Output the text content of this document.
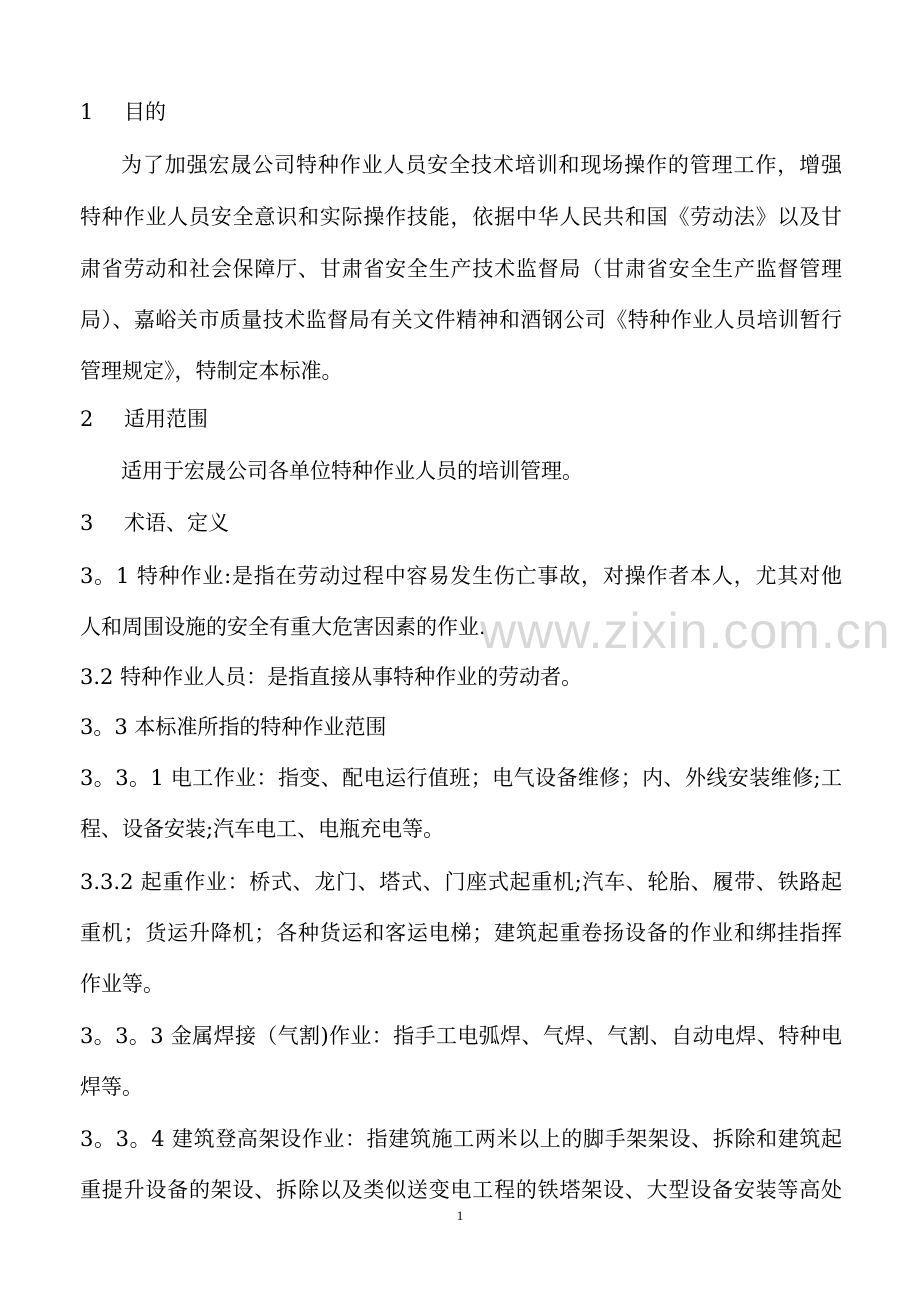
1 目的
为了加强宏晟公司特种作业人员安全技术培训和现场操作的管理工作，增强
特种作业人员安全意识和实际操作技能，依据中华人民共和国《劳动法》以及甘
肃省劳动和社会保障厅、甘肃省安全生产技术监督局（甘肃省安全生产监督管理
局）、嘉峪关市质量技术监督局有关文件精神和酒钢公司《特种作业人员培训暂行
管理规定》，特制定本标准。
2 适用范围
适用于宏晟公司各单位特种作业人员的培训管理。
3 术语、定义
3。1 特种作业:是指在劳动过程中容易发生伤亡事故，对操作者本人，尤其对他
人和周围设施的安全有重大危害因素的作业.
3.2 特种作业人员：是指直接从事特种作业的劳动者。
3。3 本标准所指的特种作业范围
3。3。1 电工作业：指变、配电运行值班；电气设备维修；内、外线安装维修;工
程、设备安装;汽车电工、电瓶充电等。
3.3.2 起重作业：桥式、龙门、塔式、门座式起重机;汽车、轮胎、履带、铁路起
重机；货运升降机；各种货运和客运电梯；建筑起重卷扬设备的作业和绑挂指挥
作业等。
3。3。3 金属焊接（气割)作业：指手工电弧焊、气焊、气割、自动电焊、特种电
焊等。
3。3。4 建筑登高架设作业：指建筑施工两米以上的脚手架架设、拆除和建筑起
重提升设备的架设、拆除以及类似送变电工程的铁塔架设、大型设备安装等高处
www.zixin.com.cn
1
